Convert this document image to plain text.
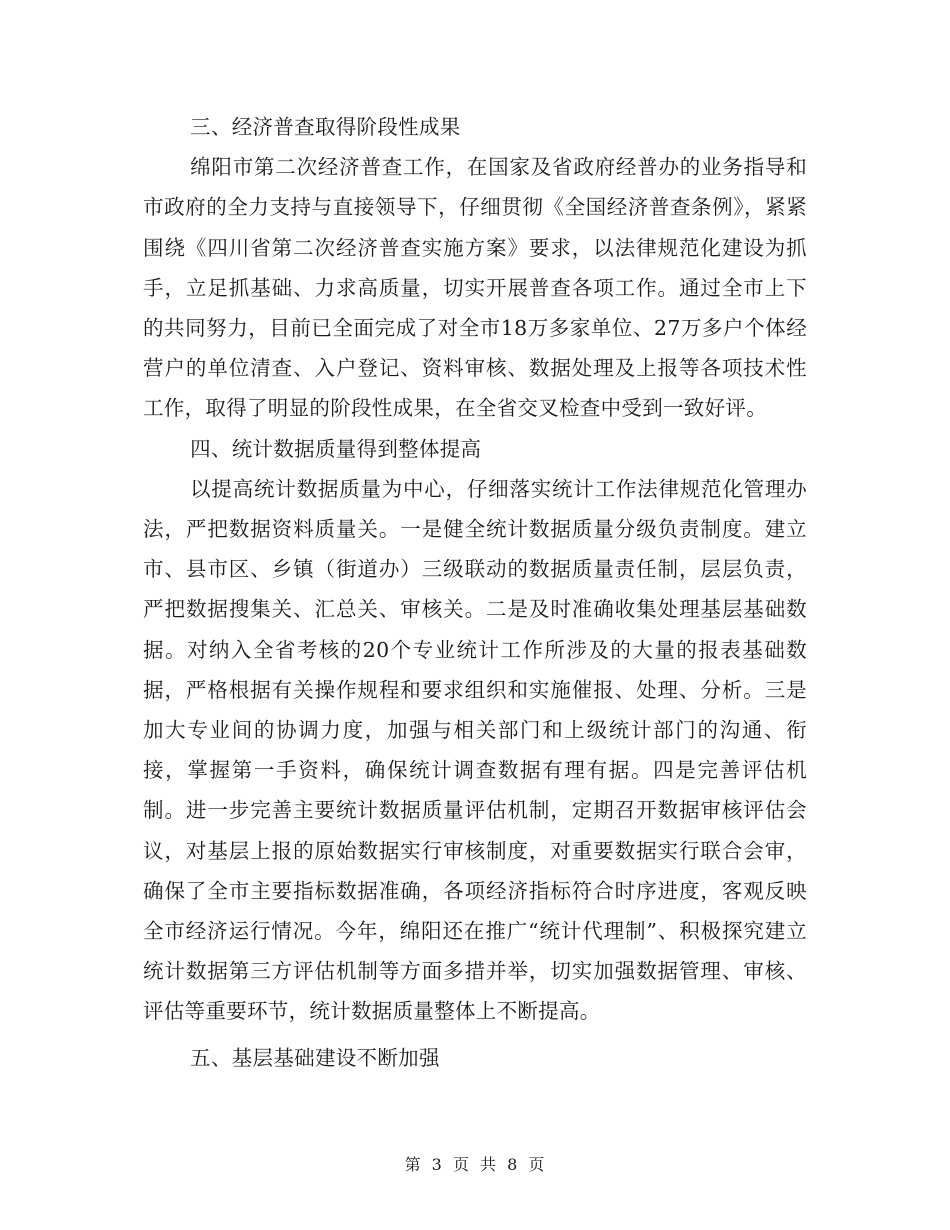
三、经济普查取得阶段性成果

绵阳市第二次经济普查工作，在国家及省政府经普办的业务指导和市政府的全力支持与直接领导下，仔细贯彻《全国经济普查条例》，紧紧围绕《四川省第二次经济普查实施方案》要求，以法律规范化建设为抓手，立足抓基础、力求高质量，切实开展普查各项工作。通过全市上下的共同努力，目前已全面完成了对全市18万多家单位、27万多户个体经营户的单位清查、入户登记、资料审核、数据处理及上报等各项技术性工作，取得了明显的阶段性成果，在全省交叉检查中受到一致好评。

四、统计数据质量得到整体提高

以提高统计数据质量为中心，仔细落实统计工作法律规范化管理办法，严把数据资料质量关。一是健全统计数据质量分级负责制度。建立市、县市区、乡镇（街道办）三级联动的数据质量责任制，层层负责，严把数据搜集关、汇总关、审核关。二是及时准确收集处理基层基础数据。对纳入全省考核的20个专业统计工作所涉及的大量的报表基础数据，严格根据有关操作规程和要求组织和实施催报、处理、分析。三是加大专业间的协调力度，加强与相关部门和上级统计部门的沟通、衔接，掌握第一手资料，确保统计调查数据有理有据。四是完善评估机制。进一步完善主要统计数据质量评估机制，定期召开数据审核评估会议，对基层上报的原始数据实行审核制度，对重要数据实行联合会审，确保了全市主要指标数据准确，各项经济指标符合时序进度，客观反映全市经济运行情况。今年，绵阳还在推广“统计代理制”、积极探究建立统计数据第三方评估机制等方面多措并举，切实加强数据管理、审核、评估等重要环节，统计数据质量整体上不断提高。

五、基层基础建设不断加强

第 3 页 共 8 页
